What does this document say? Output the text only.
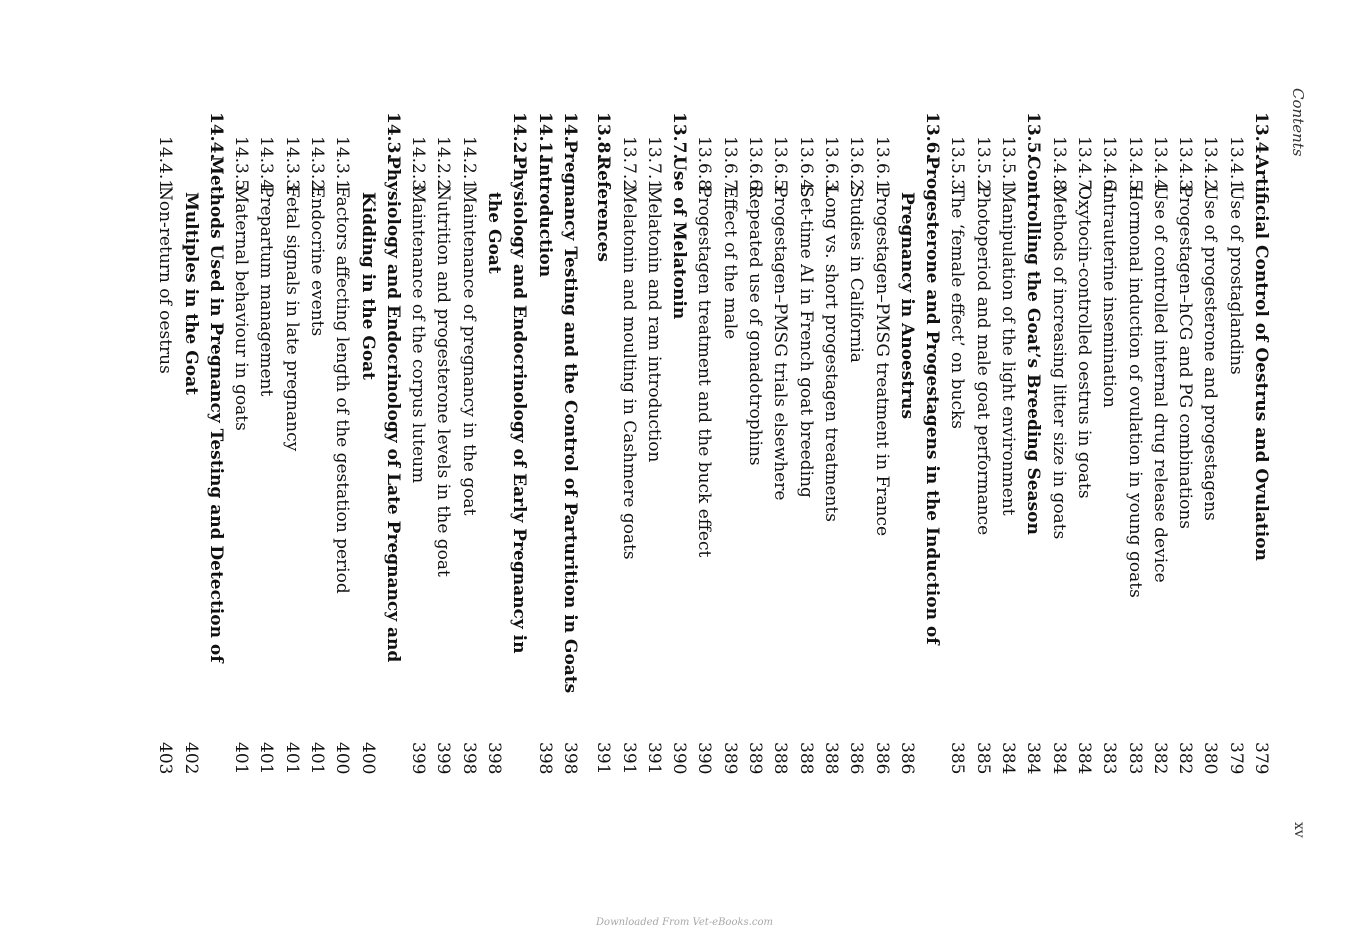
Contents
xv
13.4.
Artificial Control of Oestrus and Ovulation
379
13.4.1.
Use of prostaglandins
379
13.4.2.
Use of progesterone and progestagens
380
13.4.3.
Progestagen–hCG and PG combinations
382
13.4.4.
Use of controlled internal drug release device
382
13.4.5.
Hormonal induction of ovulation in young goats
383
13.4.6.
Intrauterine insemination
383
13.4.7.
Oxytocin-controlled oestrus in goats
384
13.4.8.
Methods of increasing litter size in goats
384
13.5.
Controlling the Goat’s Breeding Season
384
13.5.1.
Manipulation of the light environment
384
13.5.2.
Photoperiod and male goat performance
385
13.5.3.
The ‘female effect’ on bucks
385
13.6.
Progesterone and Progestagens in the Induction of
Pregnancy in Anoestrus
386
13.6.1.
Progestagen–PMSG treatment in France
386
13.6.2.
Studies in California
386
13.6.3.
Long vs. short progestagen treatments
388
13.6.4.
Set-time AI in French goat breeding
388
13.6.5.
Progestagen–PMSG trials elsewhere
388
13.6.6.
Repeated use of gonadotrophins
389
13.6.7.
Effect of the male
389
13.6.8.
Progestagen treatment and the buck effect
390
13.7.
Use of Melatonin
390
13.7.1.
Melatonin and ram introduction
391
13.7.2.
Melatonin and moulting in Cashmere goats
391
13.8.
References
391
14.
Pregnancy Testing and the Control of Parturition in Goats
398
14.1.
Introduction
398
14.2.
Physiology and Endocrinology of Early Pregnancy in
the Goat
398
14.2.1.
Maintenance of pregnancy in the goat
398
14.2.2.
Nutrition and progesterone levels in the goat
399
14.2.3.
Maintenance of the corpus luteum
399
14.3.
Physiology and Endocrinology of Late Pregnancy and
Kidding in the Goat
400
14.3.1.
Factors affecting length of the gestation period
400
14.3.2.
Endocrine events
401
14.3.3.
Fetal signals in late pregnancy
401
14.3.4.
Prepartum management
401
14.3.5.
Maternal behaviour in goats
401
14.4.
Methods Used in Pregnancy Testing and Detection of
Multiples in the Goat
402
14.4.1.
Non-return of oestrus
403
Downloaded From Vet-eBooks.com
